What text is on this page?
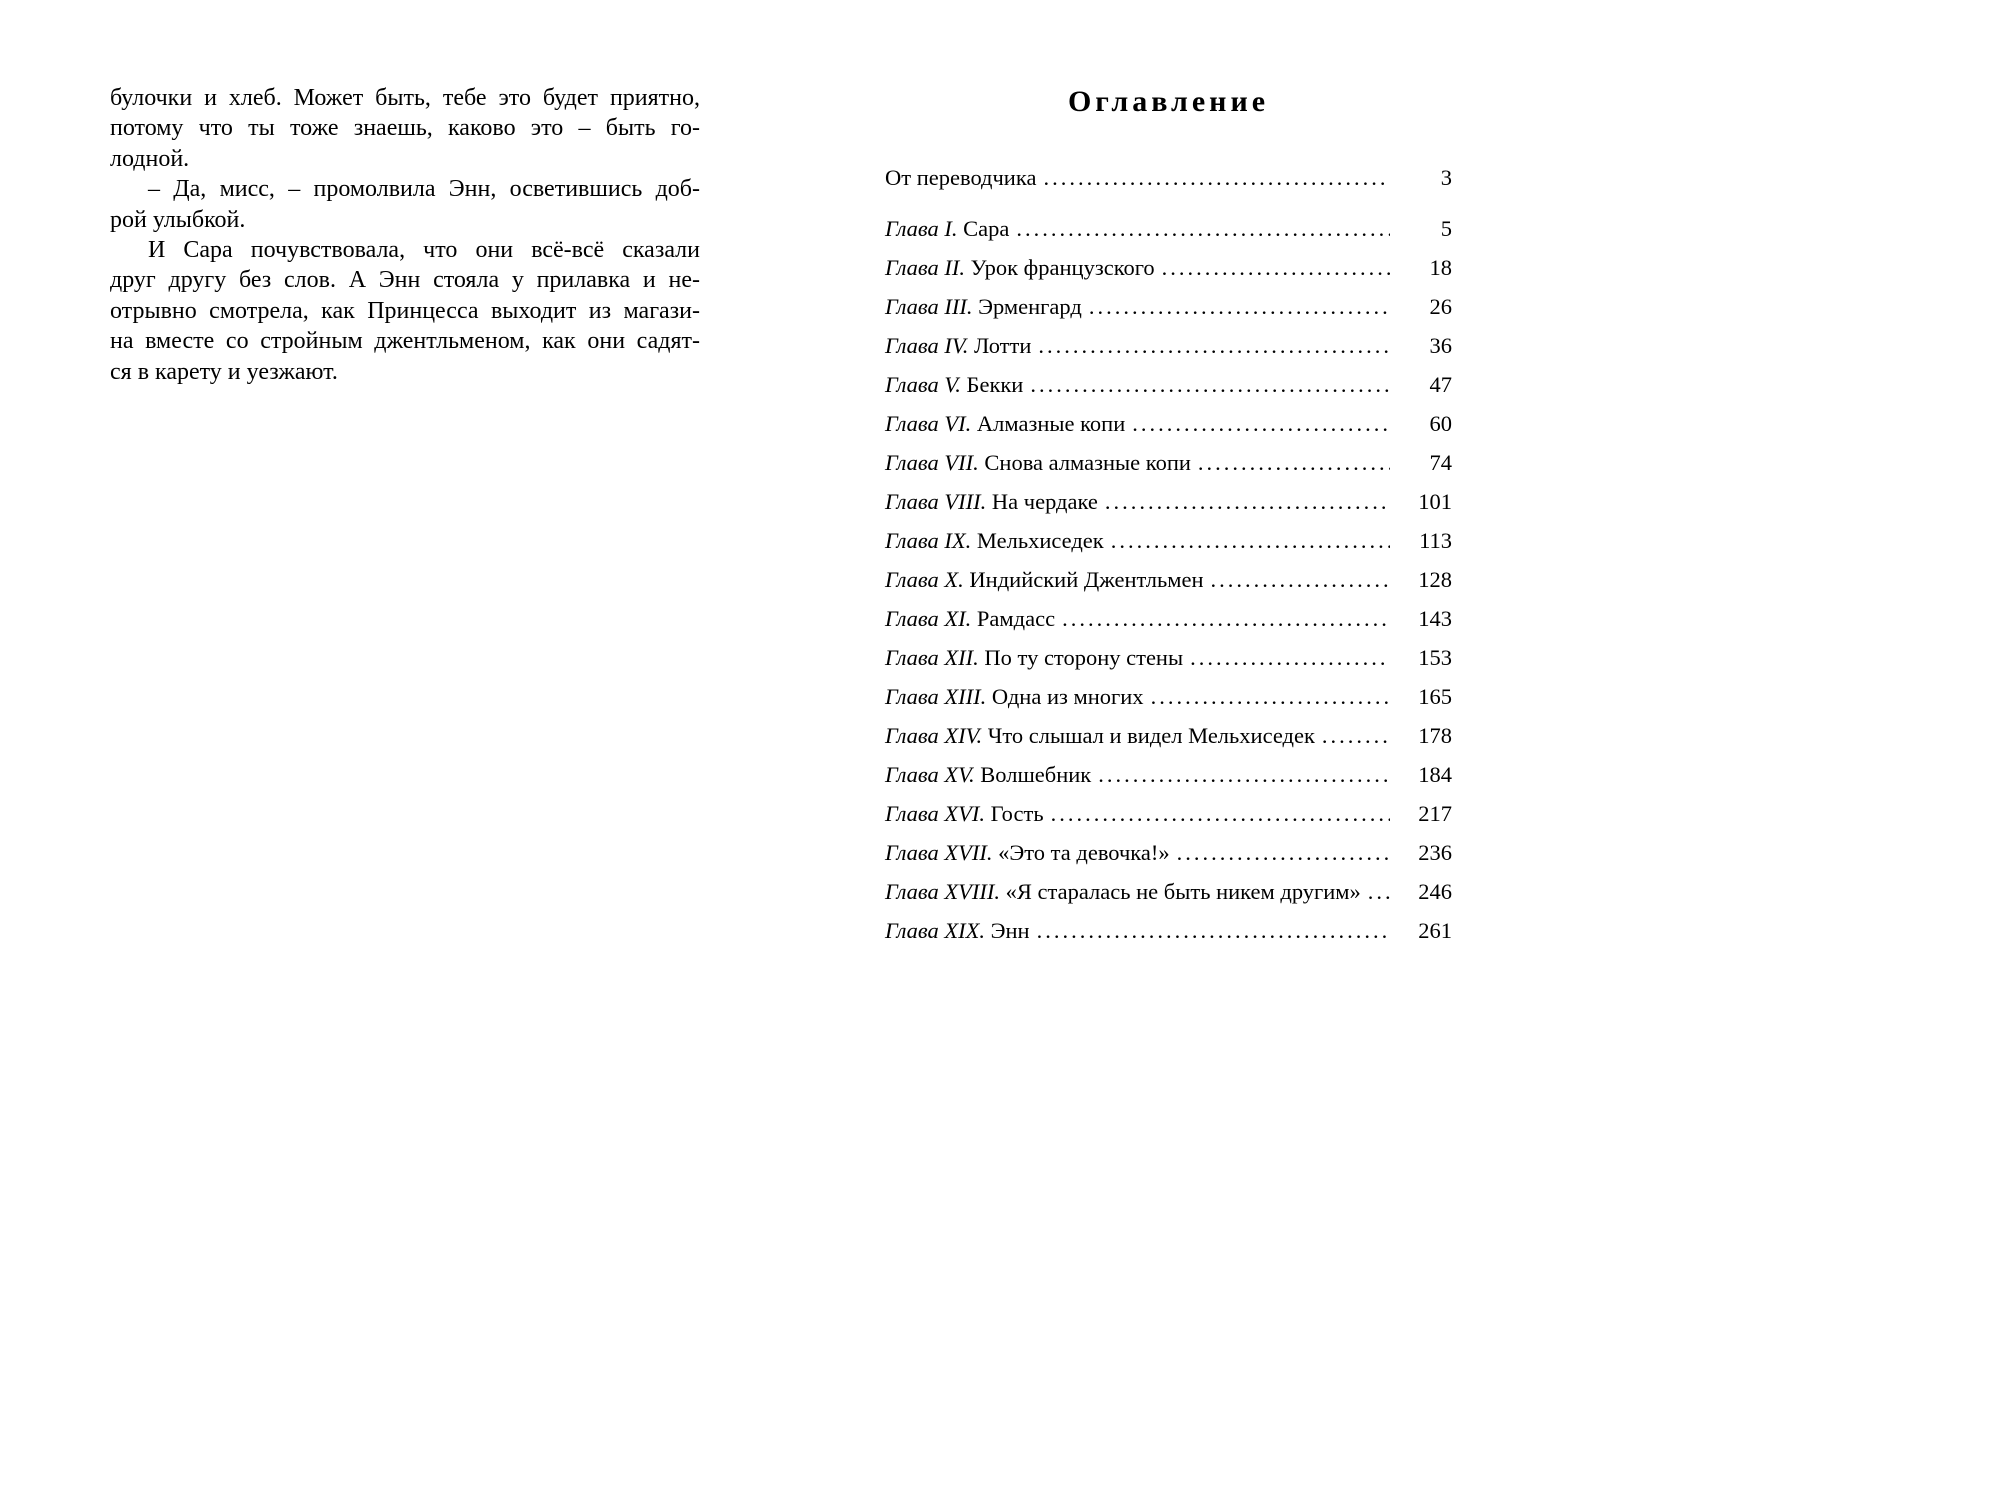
булочки и хлеб. Может быть, тебе это будет приятно,
потому что ты тоже знаешь, каково это – быть го-
лодной.
– Да, мисс, – промолвила Энн, осветившись доб-
рой улыбкой.
И Сара почувствовала, что они всё-всё сказали
друг другу без слов. А Энн стояла у прилавка и не-
отрывно смотрела, как Принцесса выходит из магази-
на вместе со стройным джентльменом, как они садят-
ся в карету и уезжают.
Оглавление
От переводчика .....	3
Глава I. Сара .....	5
Глава II. Урок французского .....	18
Глава III. Эрменгард .....	26
Глава IV. Лотти .....	36
Глава V. Бекки .....	47
Глава VI. Алмазные копи .....	60
Глава VII. Снова алмазные копи .....	74
Глава VIII. На чердаке .....	101
Глава IX. Мельхиседек .....	113
Глава X. Индийский Джентльмен .....	128
Глава XI. Рамдасс .....	143
Глава XII. По ту сторону стены .....	153
Глава XIII. Одна из многих .....	165
Глава XIV. Что слышал и видел Мельхиседек .....	178
Глава XV. Волшебник .....	184
Глава XVI. Гость .....	217
Глава XVII. «Это та девочка!» .....	236
Глава XVIII. «Я старалась не быть никем другим» .....	246
Глава XIX. Энн .....	261
